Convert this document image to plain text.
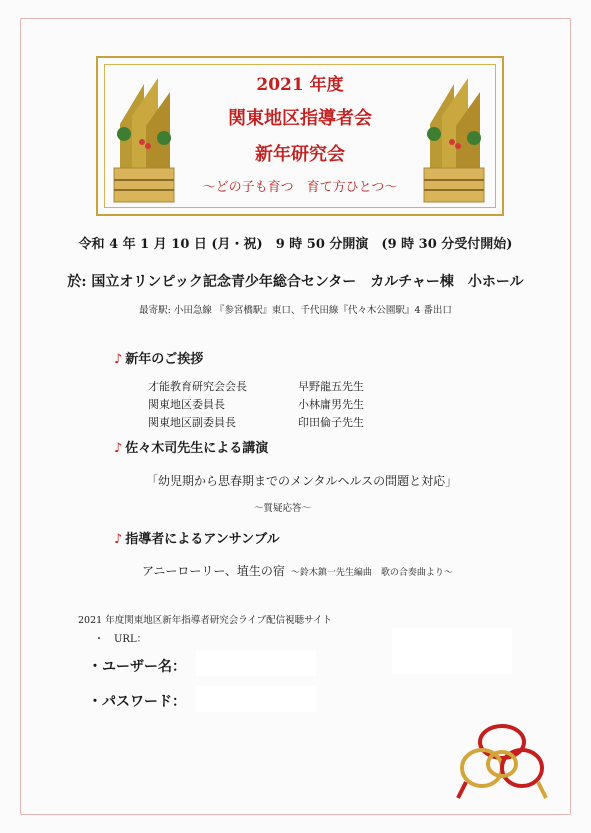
2021 年度
関東地区指導者会
新年研究会
～どの子も育つ　育て方ひとつ～
令和 4 年 1 月 10 日 (月・祝)　9 時 50 分開演　(9 時 30 分受付開始)
於: 国立オリンピック記念青少年総合センター　カルチャー棟　小ホール
最寄駅: 小田急線 『参宮橋駅』東口、千代田線『代々木公園駅』4 番出口
♪ 新年のご挨拶
才能教育研究会会長	早野龍五先生
関東地区委員長	小林庸男先生
関東地区副委員長	印田倫子先生
♪ 佐々木司先生による講演
「幼児期から思春期までのメンタルヘルスの問題と対応」
～質疑応答～
♪ 指導者によるアンサンブル
アニーローリー、埴生の宿 ～鈴木鎮一先生編曲　歌の合奏曲より～
2021 年度関東地区新年指導者研究会ライブ配信視聴サイト
・　URL：
・ユーザー名：
・パスワード：
